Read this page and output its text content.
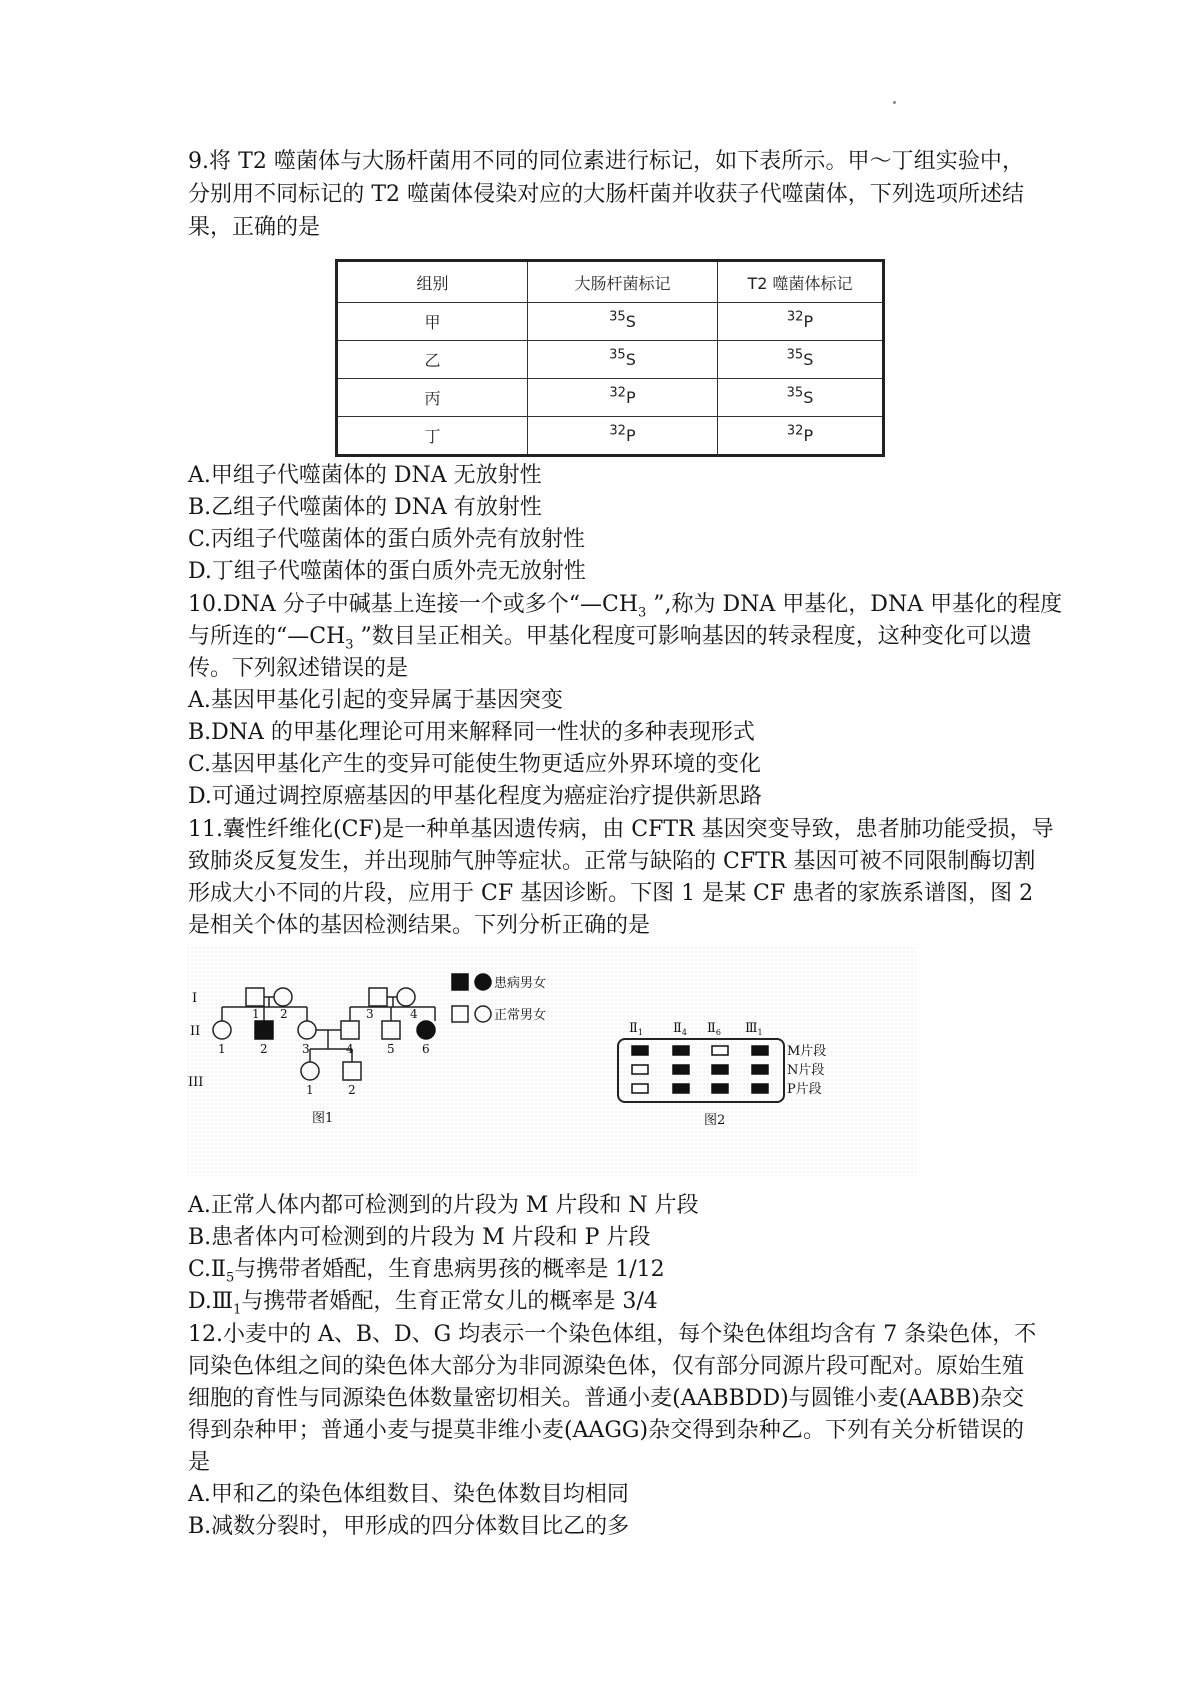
9.将 T2 噬菌体与大肠杆菌用不同的同位素进行标记，如下表所示。甲～丁组实验中，
分别用不同标记的 T2 噬菌体侵染对应的大肠杆菌并收获子代噬菌体，下列选项所述结
果，正确的是
组别	大肠杆菌标记	T2 噬菌体标记
甲	$^{35}$S	$^{32}$P
乙	$^{35}$S	$^{35}$S
丙	$^{32}$P	$^{35}$S
丁	$^{32}$P	$^{32}$P
A.甲组子代噬菌体的 DNA 无放射性
B.乙组子代噬菌体的 DNA 有放射性
C.丙组子代噬菌体的蛋白质外壳有放射性
D.丁组子代噬菌体的蛋白质外壳无放射性
10.DNA 分子中碱基上连接一个或多个“$—CH_3$ ”,称为 DNA 甲基化，DNA 甲基化的程度
与所连的“$—CH_3$ ”数目呈正相关。甲基化程度可影响基因的转录程度，这种变化可以遗
传。下列叙述错误的是
A.基因甲基化引起的变异属于基因突变
B.DNA 的甲基化理论可用来解释同一性状的多种表现形式
C.基因甲基化产生的变异可能使生物更适应外界环境的变化
D.可通过调控原癌基因的甲基化程度为癌症治疗提供新思路
11.囊性纤维化(CF)是一种单基因遗传病，由 CFTR 基因突变导致，患者肺功能受损，导
致肺炎反复发生，并出现肺气肿等症状。正常与缺陷的 CFTR 基因可被不同限制酶切割
形成大小不同的片段，应用于 CF 基因诊断。下图 1 是某 CF 患者的家族系谱图，图 2
是相关个体的基因检测结果。下列分析正确的是
I
II
III
1 2	3	4
1	2	3	4	5 6
1	2
患病男女
正常男女
图1	图2
$Ⅱ_1$ $Ⅱ_4$ $Ⅱ_6$ $Ⅲ_1$
M片段
N片段
P片段
A.正常人体内都可检测到的片段为 M 片段和 N 片段
B.患者体内可检测到的片段为 M 片段和 P 片段
$C.Ⅱ_5$与携带者婚配，生育患病男孩的概率是 1/12
$D.Ⅲ_1$与携带者婚配，生育正常女儿的概率是 3/4
12.小麦中的 A、B、D、G 均表示一个染色体组，每个染色体组均含有 7 条染色体，不
同染色体组之间的染色体大部分为非同源染色体，仅有部分同源片段可配对。原始生殖
细胞的育性与同源染色体数量密切相关。普通小麦(AABBDD)与圆锥小麦(AABB)杂交
得到杂种甲；普通小麦与提莫非维小麦(AAGG)杂交得到杂种乙。下列有关分析错误的
是
A.甲和乙的染色体组数目、染色体数目均相同
B.减数分裂时，甲形成的四分体数目比乙的多
